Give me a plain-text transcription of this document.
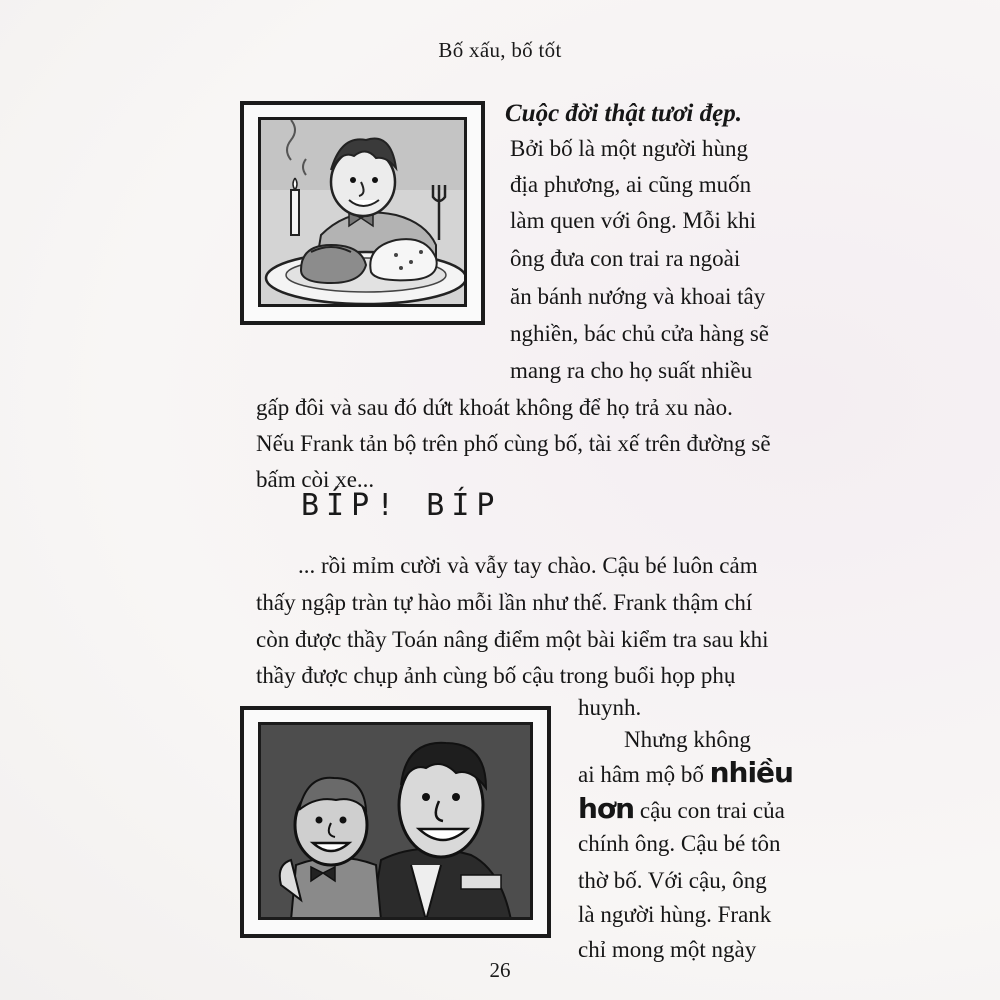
Bố xấu, bố tốt
Cuộc đời thật tươi đẹp.
Bởi bố là một người hùng
địa phương, ai cũng muốn
làm quen với ông. Mỗi khi
ông đưa con trai ra ngoài
ăn bánh nướng và khoai tây
nghiền, bác chủ cửa hàng sẽ
mang ra cho họ suất nhiều
gấp đôi và sau đó dứt khoát không để họ trả xu nào.
Nếu Frank tản bộ trên phố cùng bố, tài xế trên đường sẽ
bấm còi xe...
BÍP! BÍP
... rồi mỉm cười và vẫy tay chào. Cậu bé luôn cảm
thấy ngập tràn tự hào mỗi lần như thế. Frank thậm chí
còn được thầy Toán nâng điểm một bài kiểm tra sau khi
thầy được chụp ảnh cùng bố cậu trong buổi họp phụ
huynh.
Nhưng không
ai hâm mộ bố nhiều
hơn cậu con trai của
chính ông. Cậu bé tôn
thờ bố. Với cậu, ông
là người hùng. Frank
chỉ mong một ngày
26
